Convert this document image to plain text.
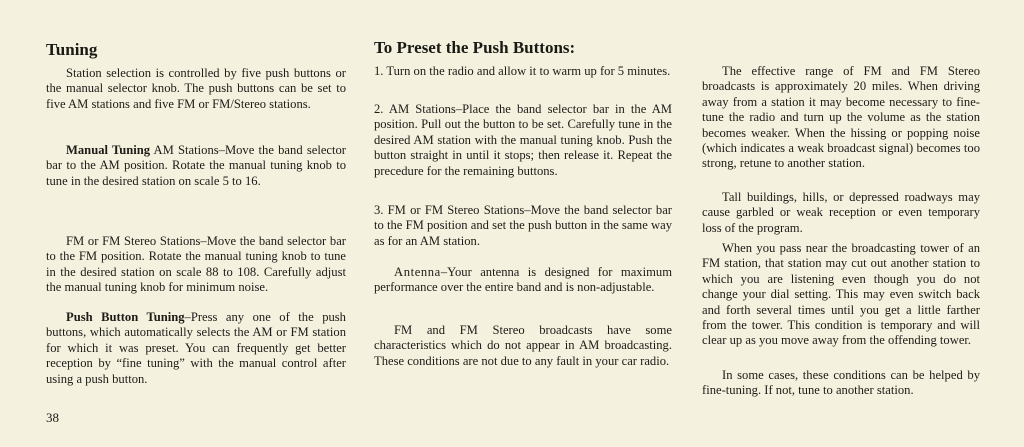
Tuning

Station selection is controlled by five push buttons or the manual selector knob. The push buttons can be set to five AM stations and five FM or FM/Stereo stations.

Manual Tuning AM Stations–Move the band selector bar to the AM position. Rotate the manual tuning knob to tune in the desired station on scale 5 to 16.

FM or FM Stereo Stations–Move the band selector bar to the FM position. Rotate the manual tuning knob to tune in the desired station on scale 88 to 108. Carefully adjust the manual tuning knob for minimum noise.

Push Button Tuning–Press any one of the push buttons, which automatically selects the AM or FM station for which it was preset. You can frequently get better reception by “fine tuning” with the manual control after using a push button.

To Preset the Push Buttons:

1. Turn on the radio and allow it to warm up for 5 minutes.

2. AM Stations–Place the band selector bar in the AM position. Pull out the button to be set. Carefully tune in the desired AM station with the manual tuning knob. Push the button straight in until it stops; then release it. Repeat the precedure for the remaining buttons.

3. FM or FM Stereo Stations–Move the band selector bar to the FM position and set the push button in the same way as for an AM station.

Antenna–Your antenna is designed for maximum performance over the entire band and is non-adjustable.

FM and FM Stereo broadcasts have some characteristics which do not appear in AM broadcasting. These conditions are not due to any fault in your car radio.

The effective range of FM and FM Stereo broadcasts is approximately 20 miles. When driving away from a station it may become necessary to fine-tune the radio and turn up the volume as the station becomes weaker. When the hissing or popping noise (which indicates a weak broadcast signal) becomes too strong, retune to another station.

Tall buildings, hills, or depressed roadways may cause garbled or weak reception or even temporary loss of the program.

When you pass near the broadcasting tower of an FM station, that station may cut out another station to which you are listening even though you do not change your dial setting. This may even switch back and forth several times until you get a little farther from the tower. This condition is temporary and will clear up as you move away from the offending tower.

In some cases, these conditions can be helped by fine-tuning. If not, tune to another station.

38
